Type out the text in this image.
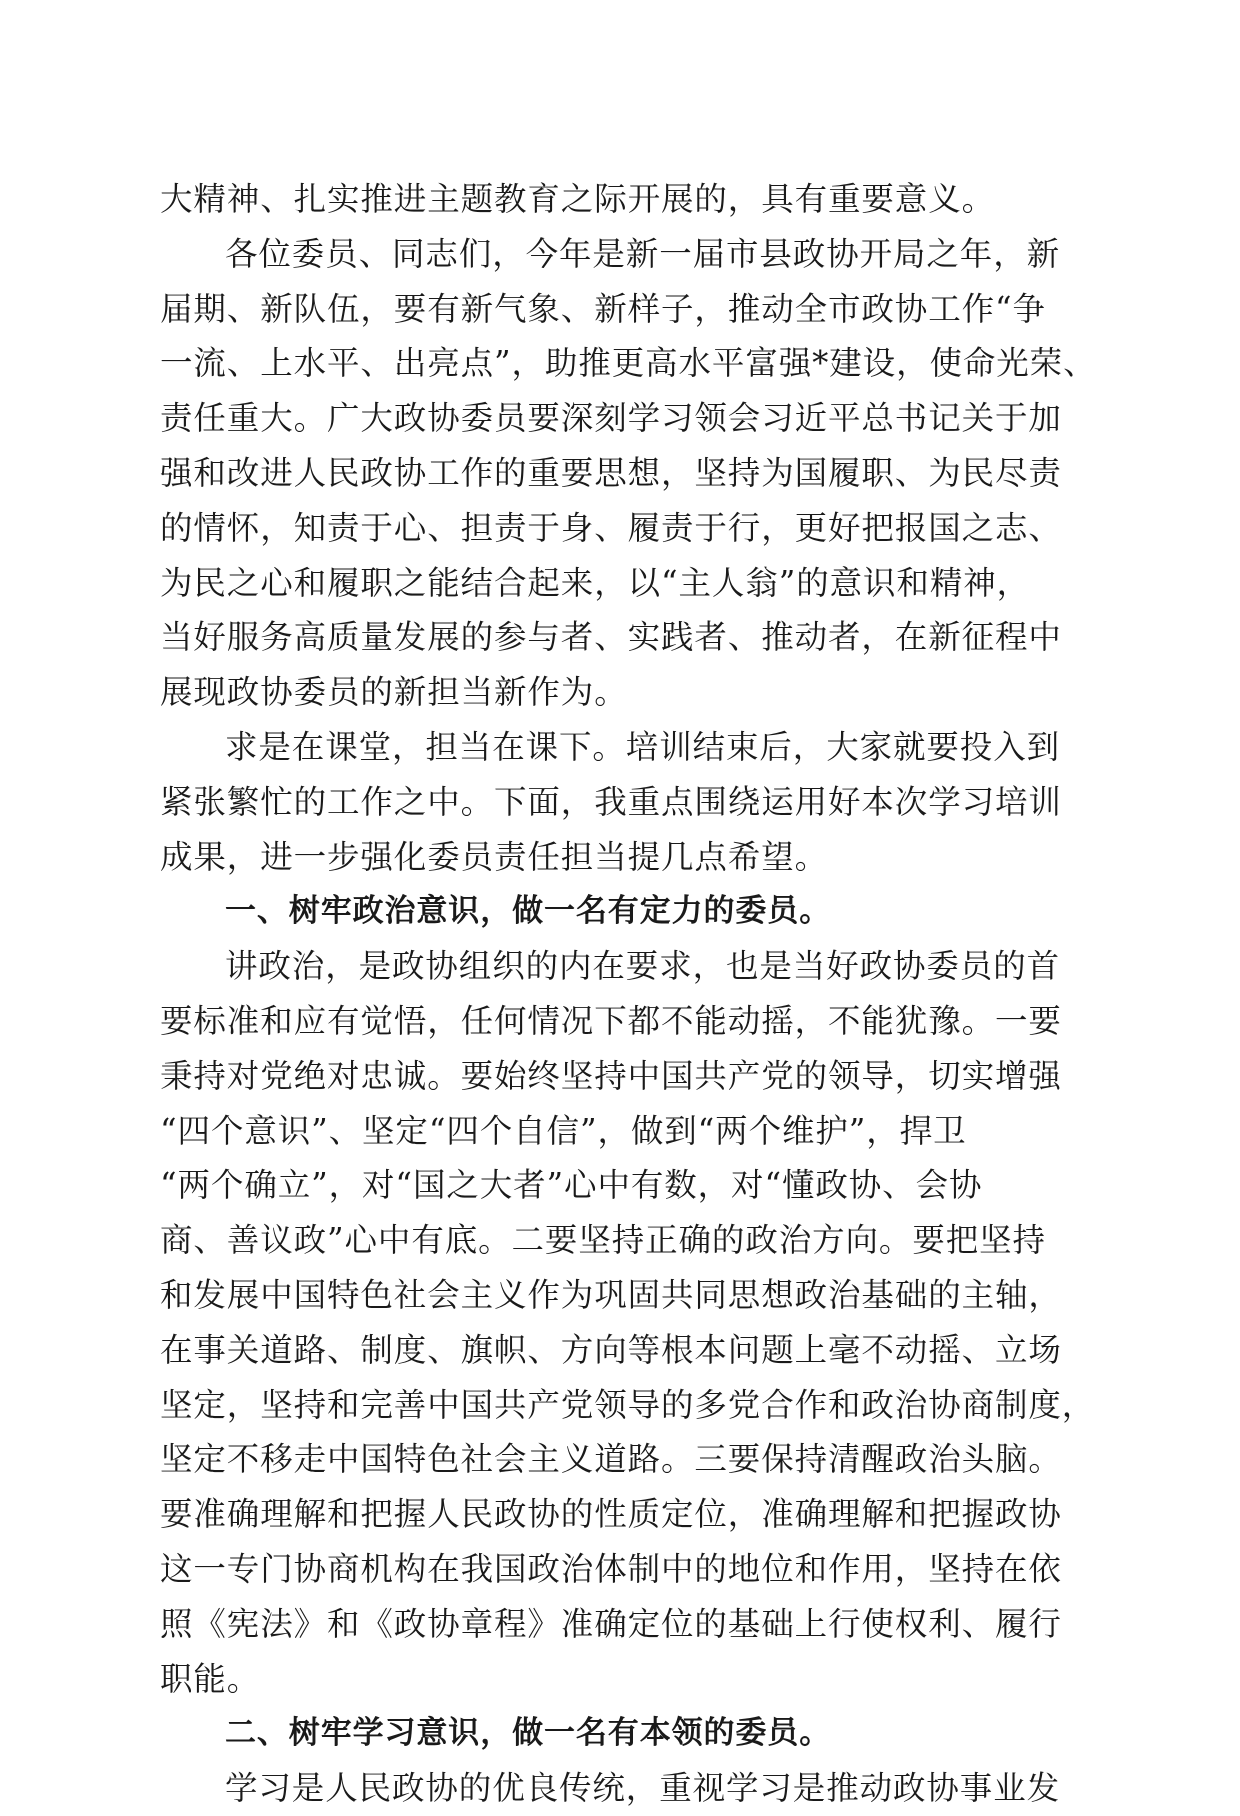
大精神、扎实推进主题教育之际开展的，具有重要意义。
各位委员、同志们，今年是新一届市县政协开局之年，新
届期、新队伍，要有新气象、新样子，推动全市政协工作“争
一流、上水平、出亮点”，助推更高水平富强*建设，使命光荣、
责任重大。广大政协委员要深刻学习领会习近平总书记关于加
强和改进人民政协工作的重要思想，坚持为国履职、为民尽责
的情怀，知责于心、担责于身、履责于行，更好把报国之志、
为民之心和履职之能结合起来，以“主人翁”的意识和精神，
当好服务高质量发展的参与者、实践者、推动者，在新征程中
展现政协委员的新担当新作为。
求是在课堂，担当在课下。培训结束后，大家就要投入到
紧张繁忙的工作之中。下面，我重点围绕运用好本次学习培训
成果，进一步强化委员责任担当提几点希望。
一、树牢政治意识，做一名有定力的委员。
讲政治，是政协组织的内在要求，也是当好政协委员的首
要标准和应有觉悟，任何情况下都不能动摇，不能犹豫。一要
秉持对党绝对忠诚。要始终坚持中国共产党的领导，切实增强
“四个意识”、坚定“四个自信”，做到“两个维护”，捍卫
“两个确立”，对“国之大者”心中有数，对“懂政协、会协
商、善议政”心中有底。二要坚持正确的政治方向。要把坚持
和发展中国特色社会主义作为巩固共同思想政治基础的主轴，
在事关道路、制度、旗帜、方向等根本问题上毫不动摇、立场
坚定，坚持和完善中国共产党领导的多党合作和政治协商制度，
坚定不移走中国特色社会主义道路。三要保持清醒政治头脑。
要准确理解和把握人民政协的性质定位，准确理解和把握政协
这一专门协商机构在我国政治体制中的地位和作用，坚持在依
照《宪法》和《政协章程》准确定位的基础上行使权利、履行
职能。
二、树牢学习意识，做一名有本领的委员。
学习是人民政协的优良传统，重视学习是推动政协事业发
